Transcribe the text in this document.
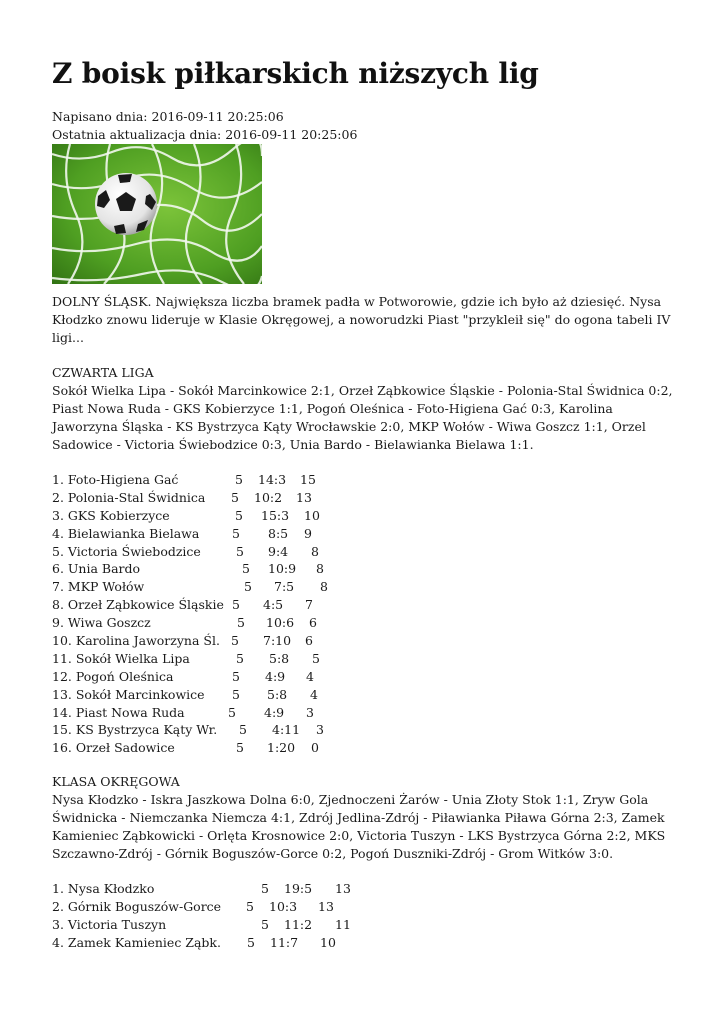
Z boisk piłkarskich niższych lig
Napisano dnia: 2016-09-11 20:25:06
Ostatnia aktualizacja dnia: 2016-09-11 20:25:06

DOLNY ŚLĄSK. Największa liczba bramek padła w Potworowie, gdzie ich było aż dziesięć. Nysa Kłodzko znowu lideruje w Klasie Okręgowej, a noworudzki Piast "przykleił się" do ogona tabeli IV ligi...

CZWARTA LIGA
Sokół Wielka Lipa - Sokół Marcinkowice 2:1, Orzeł Ząbkowice Śląskie - Polonia-Stal Świdnica 0:2, Piast Nowa Ruda - GKS Kobierzyce 1:1, Pogoń Oleśnica - Foto-Higiena Gać 0:3, Karolina Jaworzyna Śląska - KS Bystrzyca Kąty Wrocławskie 2:0, MKP Wołów - Wiwa Goszcz 1:1, Orzel Sadowice - Victoria Świebodzice 0:3, Unia Bardo - Bielawianka Bielawa 1:1.
1. Foto-Higiena Gać	5 14:3 15
2. Polonia-Stal Świdnica 5 10:2 13
3. GKS Kobierzyce	5 15:3 10
4. Bielawianka Bielawa	5 8:5 9
5. Victoria Świebodzice	5 9:4 8
6. Unia Bardo	5 10:9 8
7. MKP Wołów	5 7:5 8
8. Orzeł Ząbkowice Śląskie 5 4:5 7
9. Wiwa Goszcz	5 10:6 6
10. Karolina Jaworzyna Śl. 5 7:10 6
11. Sokół Wielka Lipa	5 5:8 5
12. Pogoń Oleśnica	5 4:9 4
13. Sokół Marcinkowice 5 5:8 4
14. Piast Nowa Ruda	5 4:9 3
15. KS Bystrzyca Kąty Wr. 5 4:11 3
16. Orzeł Sadowice	5 1:20 0
KLASA OKRĘGOWA
Nysa Kłodzko - Iskra Jaszkowa Dolna 6:0, Zjednoczeni Żarów - Unia Złoty Stok 1:1, Zryw Gola Świdnicka - Niemczanka Niemcza 4:1, Zdrój Jedlina-Zdrój - Piławianka Piława Górna 2:3, Zamek Kamieniec Ząbkowicki - Orlęta Krosnowice 2:0, Victoria Tuszyn - LKS Bystrzyca Górna 2:2, MKS Szczawno-Zdrój - Górnik Boguszów-Gorce 0:2, Pogoń Duszniki-Zdrój - Grom Witków 3:0.
1. Nysa Kłodzko	5 19:5 13
2. Górnik Boguszów-Gorce 5 10:3 13
3. Victoria Tuszyn	5 11:2 11
4. Zamek Kamieniec Ząbk. 5 11:7 10
